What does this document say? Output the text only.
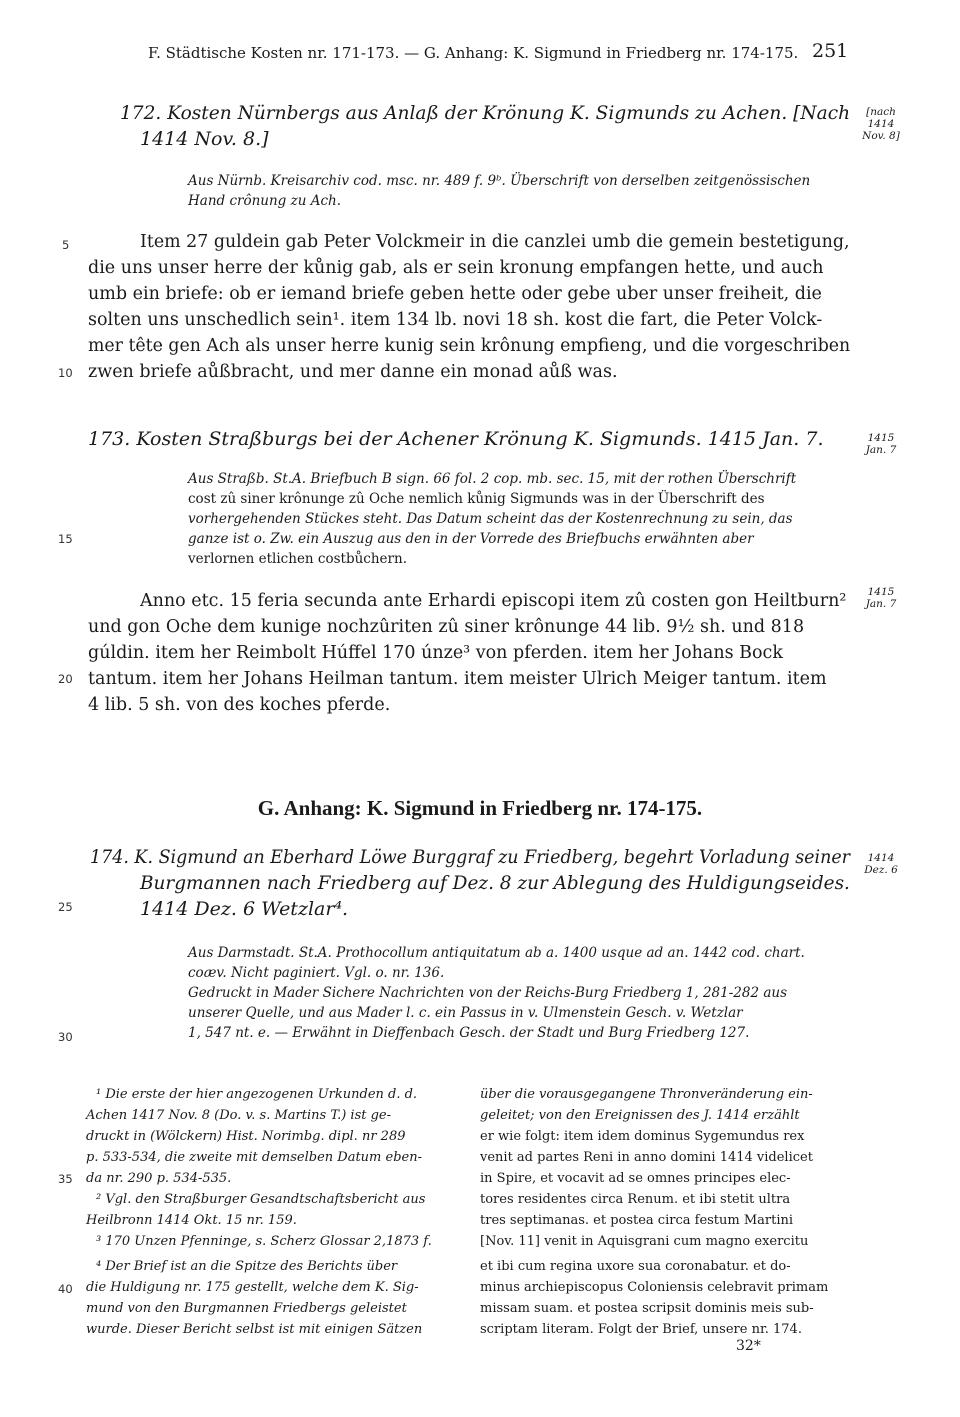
F. Städtische Kosten nr. 171-173. — G. Anhang: K. Sigmund in Friedberg nr. 174-175. 251
172. Kosten Nürnbergs aus Anlaß der Krönung K. Sigmunds zu Achen. [Nach
1414 Nov. 8.]
[nach 1414 Nov. 8]
Aus Nürnb. Kreisarchiv cod. msc. nr. 489 f. 9ᵇ. Überschrift von derselben zeitgenössischen
Hand crônung zu Ach.
5	Item 27 guldein gab Peter Volckmeir in die canzlei umb die gemein bestetigung,
die uns unser herre der kůnig gab, als er sein kronung empfangen hette, und auch
umb ein briefe: ob er iemand briefe geben hette oder gebe uber unser freiheit, die
solten uns unschedlich sein¹. item 134 lb. novi 18 sh. kost die fart, die Peter Volck-
mer tête gen Ach als unser herre kunig sein krônung empfieng, und die vorgeschriben
10 zwen briefe aůßbracht, und mer danne ein monad aůß was.
173. Kosten Straßburgs bei der Achener Krönung K. Sigmunds. 1415 Jan. 7.	1415 Jan. 7
Aus Straßb. St.A. Briefbuch B sign. 66 fol. 2 cop. mb. sec. 15, mit der rothen Überschrift
cost zû siner krônunge zû Oche nemlich kůnig Sigmunds was in der Überschrift des
vorhergehenden Stückes steht. Das Datum scheint das der Kostenrechnung zu sein, das
15	ganze ist o. Zw. ein Auszug aus den in der Vorrede des Briefbuchs erwähnten aber
verlornen etlichen costbůchern.
Anno etc. 15 feria secunda ante Erhardi episcopi item zû costen gon Heiltburn²	1415 Jan. 7
und gon Oche dem kunige nochzûriten zû siner krônunge 44 lib. 9½ sh. und 818
gúldin. item her Reimbolt Húffel 170 únze³ von pferden. item her Johans Bock
20 tantum. item her Johans Heilman tantum. item meister Ulrich Meiger tantum. item
4 lib. 5 sh. von des koches pferde.
G. Anhang: K. Sigmund in Friedberg nr. 174-175.
174. K. Sigmund an Eberhard Löwe Burggraf zu Friedberg, begehrt Vorladung seiner
Burgmannen nach Friedberg auf Dez. 8 zur Ablegung des Huldigungseides.
25	1414 Dez. 6 Wetzlar⁴.
1414 Dez. 6
Aus Darmstadt. St.A. Prothocollum antiquitatum ab a. 1400 usque ad an. 1442 cod. chart.
coæv. Nicht paginiert. Vgl. o. nr. 136.
Gedruckt in Mader Sichere Nachrichten von der Reichs-Burg Friedberg 1, 281-282 aus
unserer Quelle, und aus Mader l. c. ein Passus in v. Ulmenstein Gesch. v. Wetzlar
30	1, 547 nt. e. — Erwähnt in Dieffenbach Gesch. der Stadt und Burg Friedberg 127.
¹ Die erste der hier angezogenen Urkunden d. d.
Achen 1417 Nov. 8 (Do. v. s. Martins T.) ist ge-
druckt in (Wölckern) Hist. Norimbg. dipl. nr 289
p. 533-534, die zweite mit demselben Datum eben-
35 da nr. 290 p. 534-535.
² Vgl. den Straßburger Gesandtschaftsbericht aus
Heilbronn 1414 Okt. 15 nr. 159.
³ 170 Unzen Pfenninge, s. Scherz Glossar 2,1873 f.
⁴ Der Brief ist an die Spitze des Berichts über
40 die Huldigung nr. 175 gestellt, welche dem K. Sig-
mund von den Burgmannen Friedbergs geleistet
wurde. Dieser Bericht selbst ist mit einigen Sätzen
über die vorausgegangene Thronveränderung ein-
geleitet; von den Ereignissen des J. 1414 erzählt
er wie folgt: item idem dominus Sygemundus rex
venit ad partes Reni in anno domini 1414 videlicet
in Spire, et vocavit ad se omnes principes elec-
tores residentes circa Renum. et ibi stetit ultra
tres septimanas. et postea circa festum Martini
[Nov. 11] venit in Aquisgrani cum magno exercitu
et ibi cum regina uxore sua coronabatur. et do-
minus archiepiscopus Coloniensis celebravit primam
missam suam. et postea scripsit dominis meis sub-
scriptam literam. Folgt der Brief, unsere nr. 174.
32*
